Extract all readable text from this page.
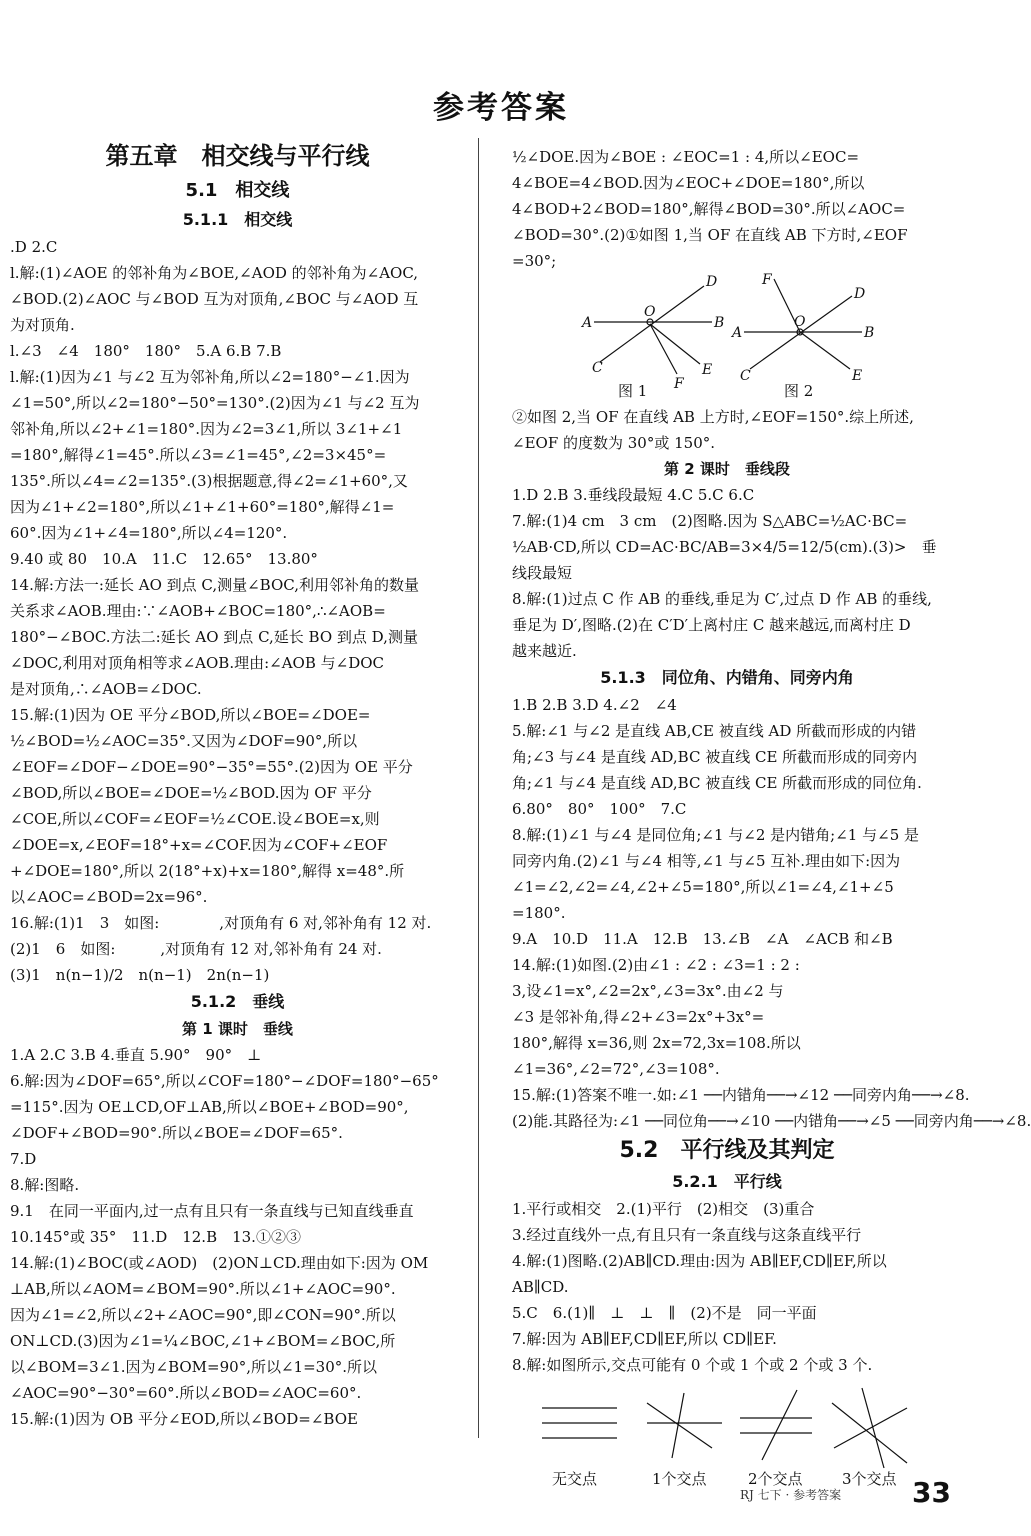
参考答案
第五章　相交线与平行线
5.1　相交线
5.1.1　相交线
.D 2.C
l.解:(1)∠AOE 的邻补角为∠BOE,∠AOD 的邻补角为∠AOC,
∠BOD.(2)∠AOC 与∠BOD 互为对顶角,∠BOC 与∠AOD 互
为对顶角.
l.∠3　∠4　180°　180°　5.A 6.B 7.B
l.解:(1)因为∠1 与∠2 互为邻补角,所以∠2=180°−∠1.因为
∠1=50°,所以∠2=180°−50°=130°.(2)因为∠1 与∠2 互为
邻补角,所以∠2+∠1=180°.因为∠2=3∠1,所以 3∠1+∠1
=180°,解得∠1=45°.所以∠3=∠1=45°,∠2=3×45°=
135°.所以∠4=∠2=135°.(3)根据题意,得∠2=∠1+60°,又
因为∠1+∠2=180°,所以∠1+∠1+60°=180°,解得∠1=
60°.因为∠1+∠4=180°,所以∠4=120°.
9.40 或 80　10.A　11.C　12.65°　13.80°
14.解:方法一:延长 AO 到点 C,测量∠BOC,利用邻补角的数量
关系求∠AOB.理由:∵∠AOB+∠BOC=180°,∴∠AOB=
180°−∠BOC.方法二:延长 AO 到点 C,延长 BO 到点 D,测量
∠DOC,利用对顶角相等求∠AOB.理由:∠AOB 与∠DOC
是对顶角,∴∠AOB=∠DOC.
15.解:(1)因为 OE 平分∠BOD,所以∠BOE=∠DOE=
½∠BOD=½∠AOC=35°.又因为∠DOF=90°,所以
∠EOF=∠DOF−∠DOE=90°−35°=55°.(2)因为 OE 平分
∠BOD,所以∠BOE=∠DOE=½∠BOD.因为 OF 平分
∠COE,所以∠COF=∠EOF=½∠COE.设∠BOE=x,则
∠DOE=x,∠EOF=18°+x=∠COF.因为∠COF+∠EOF
+∠DOE=180°,所以 2(18°+x)+x=180°,解得 x=48°.所
以∠AOC=∠BOD=2x=96°.
16.解:(1)1　3　如图:　　　　,对顶角有 6 对,邻补角有 12 对.
(2)1　6　如图:　　　,对顶角有 12 对,邻补角有 24 对.
(3)1　n(n−1)/2　n(n−1)　2n(n−1)
5.1.2　垂线
第 1 课时　垂线
1.A 2.C 3.B 4.垂直 5.90°　90°　⊥
6.解:因为∠DOF=65°,所以∠COF=180°−∠DOF=180°−65°
=115°.因为 OE⊥CD,OF⊥AB,所以∠BOE+∠BOD=90°,
∠DOF+∠BOD=90°.所以∠BOE=∠DOF=65°.
7.D
8.解:图略.
9.1　在同一平面内,过一点有且只有一条直线与已知直线垂直
10.145°或 35°　11.D　12.B　13.①②③
14.解:(1)∠BOC(或∠AOD)　(2)ON⊥CD.理由如下:因为 OM
⊥AB,所以∠AOM=∠BOM=90°.所以∠1+∠AOC=90°.
因为∠1=∠2,所以∠2+∠AOC=90°,即∠CON=90°.所以
ON⊥CD.(3)因为∠1=¼∠BOC,∠1+∠BOM=∠BOC,所
以∠BOM=3∠1.因为∠BOM=90°,所以∠1=30°.所以
∠AOC=90°−30°=60°.所以∠BOD=∠AOC=60°.
15.解:(1)因为 OB 平分∠EOD,所以∠BOD=∠BOE
½∠DOE.因为∠BOE : ∠EOC=1 : 4,所以∠EOC=
4∠BOE=4∠BOD.因为∠EOC+∠DOE=180°,所以
4∠BOD+2∠BOD=180°,解得∠BOD=30°.所以∠AOC=
∠BOD=30°.(2)①如图 1,当 OF 在直线 AB 下方时,∠EOF
=30°;
A	B
C
D
E
F
O
A	B
C
D
E
F
O
图 1	图 2
②如图 2,当 OF 在直线 AB 上方时,∠EOF=150°.综上所述,
∠EOF 的度数为 30°或 150°.
第 2 课时　垂线段
1.D 2.B 3.垂线段最短 4.C 5.C 6.C
7.解:(1)4 cm　3 cm　(2)图略.因为 S△ABC=½AC·BC=
½AB·CD,所以 CD=AC·BC/AB=3×4/5=12/5(cm).(3)>　垂
线段最短
8.解:(1)过点 C 作 AB 的垂线,垂足为 C′,过点 D 作 AB 的垂线,
垂足为 D′,图略.(2)在 C′D′上离村庄 C 越来越远,而离村庄 D
越来越近.
5.1.3　同位角、内错角、同旁内角
1.B 2.B 3.D 4.∠2　∠4
5.解:∠1 与∠2 是直线 AB,CE 被直线 AD 所截而形成的内错
角;∠3 与∠4 是直线 AD,BC 被直线 CE 所截而形成的同旁内
角;∠1 与∠4 是直线 AD,BC 被直线 CE 所截而形成的同位角.
6.80°　80°　100°　7.C
8.解:(1)∠1 与∠4 是同位角;∠1 与∠2 是内错角;∠1 与∠5 是
同旁内角.(2)∠1 与∠4 相等,∠1 与∠5 互补.理由如下:因为
∠1=∠2,∠2=∠4,∠2+∠5=180°,所以∠1=∠4,∠1+∠5
=180°.
9.A　10.D　11.A　12.B　13.∠B　∠A　∠ACB 和∠B
14.解:(1)如图.(2)由∠1 : ∠2 : ∠3=1 : 2 :
3,设∠1=x°,∠2=2x°,∠3=3x°.由∠2 与
∠3 是邻补角,得∠2+∠3=2x°+3x°=
180°,解得 x=36,则 2x=72,3x=108.所以
∠1=36°,∠2=72°,∠3=108°.
15.解:(1)答案不唯一.如:∠1 ──内错角──→∠12 ──同旁内角──→∠8.
(2)能.其路径为:∠1 ──同位角──→∠10 ──内错角──→∠5 ──同旁内角──→∠8.
5.2　平行线及其判定
5.2.1　平行线
1.平行或相交　2.(1)平行　(2)相交　(3)重合
3.经过直线外一点,有且只有一条直线与这条直线平行
4.解:(1)图略.(2)AB∥CD.理由:因为 AB∥EF,CD∥EF,所以
AB∥CD.
5.C　6.(1)∥　⊥　⊥　∥　(2)不是　同一平面
7.解:因为 AB∥EF,CD∥EF,所以 CD∥EF.
8.解:如图所示,交点可能有 0 个或 1 个或 2 个或 3 个.
无交点	1个交点	2个交点	3个交点
RJ 七下 · 参考答案	33
